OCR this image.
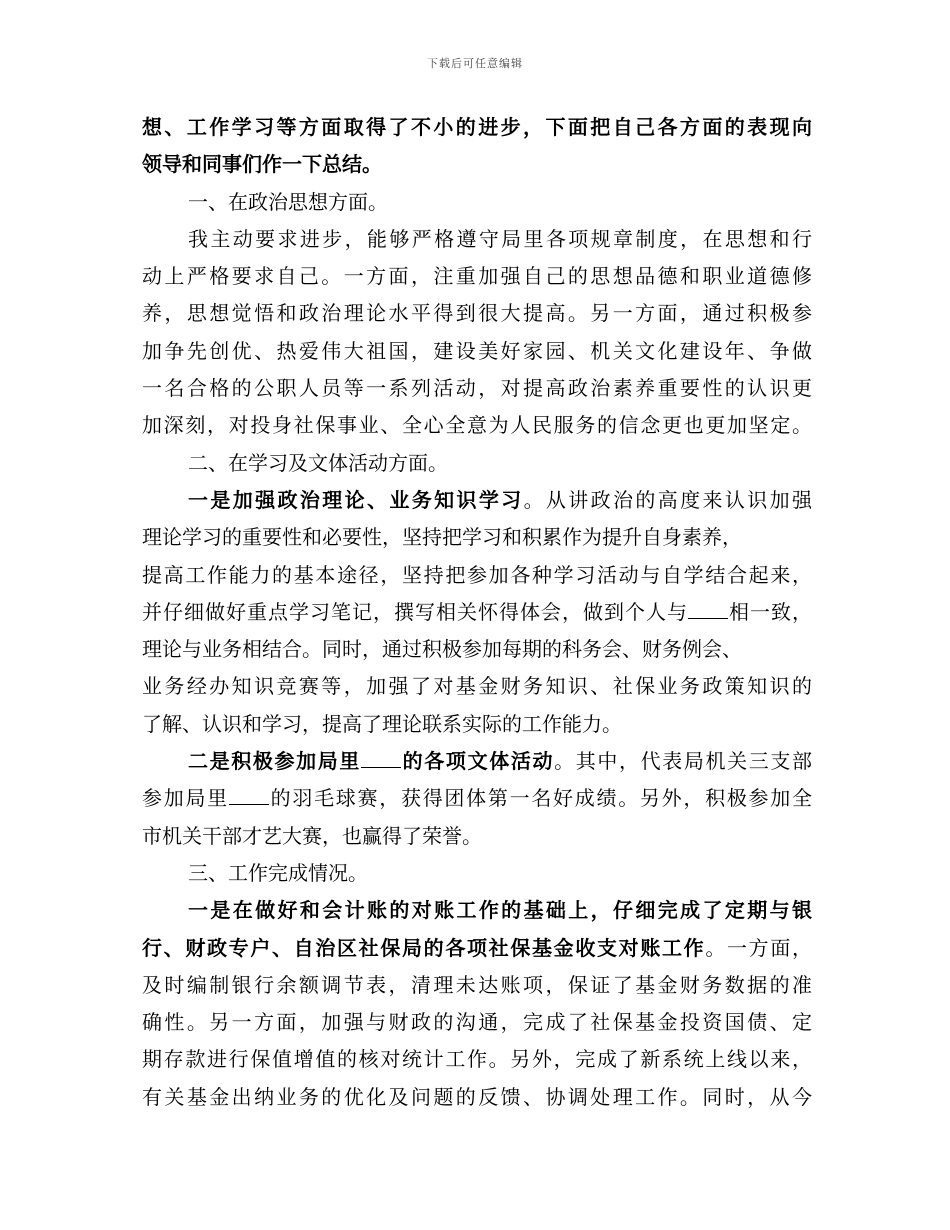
下载后可任意编辑
想、工作学习等方面取得了不小的进步，下面把自己各方面的表现向
领导和同事们作一下总结。
一、在政治思想方面。
我主动要求进步，能够严格遵守局里各项规章制度，在思想和行
动上严格要求自己。一方面，注重加强自己的思想品德和职业道德修
养，思想觉悟和政治理论水平得到很大提高。另一方面，通过积极参
加争先创优、热爱伟大祖国，建设美好家园、机关文化建设年、争做
一名合格的公职人员等一系列活动，对提高政治素养重要性的认识更
加深刻，对投身社保事业、全心全意为人民服务的信念更也更加坚定。
二、在学习及文体活动方面。
一是加强政治理论、业务知识学习。从讲政治的高度来认识加强
理论学习的重要性和必要性，坚持把学习和积累作为提升自身素养，
提高工作能力的基本途径，坚持把参加各种学习活动与自学结合起来，
并仔细做好重点学习笔记，撰写相关怀得体会，做到个人与 相一致，
理论与业务相结合。同时，通过积极参加每期的科务会、财务例会、
业务经办知识竞赛等，加强了对基金财务知识、社保业务政策知识的
了解、认识和学习，提高了理论联系实际的工作能力。
二是积极参加局里 的各项文体活动。其中，代表局机关三支部
参加局里 的羽毛球赛，获得团体第一名好成绩。另外，积极参加全
市机关干部才艺大赛，也赢得了荣誉。
三、工作完成情况。
一是在做好和会计账的对账工作的基础上，仔细完成了定期与银
行、财政专户、自治区社保局的各项社保基金收支对账工作。一方面，
及时编制银行余额调节表，清理未达账项，保证了基金财务数据的准
确性。另一方面，加强与财政的沟通，完成了社保基金投资国债、定
期存款进行保值增值的核对统计工作。另外，完成了新系统上线以来，
有关基金出纳业务的优化及问题的反馈、协调处理工作。同时，从今
